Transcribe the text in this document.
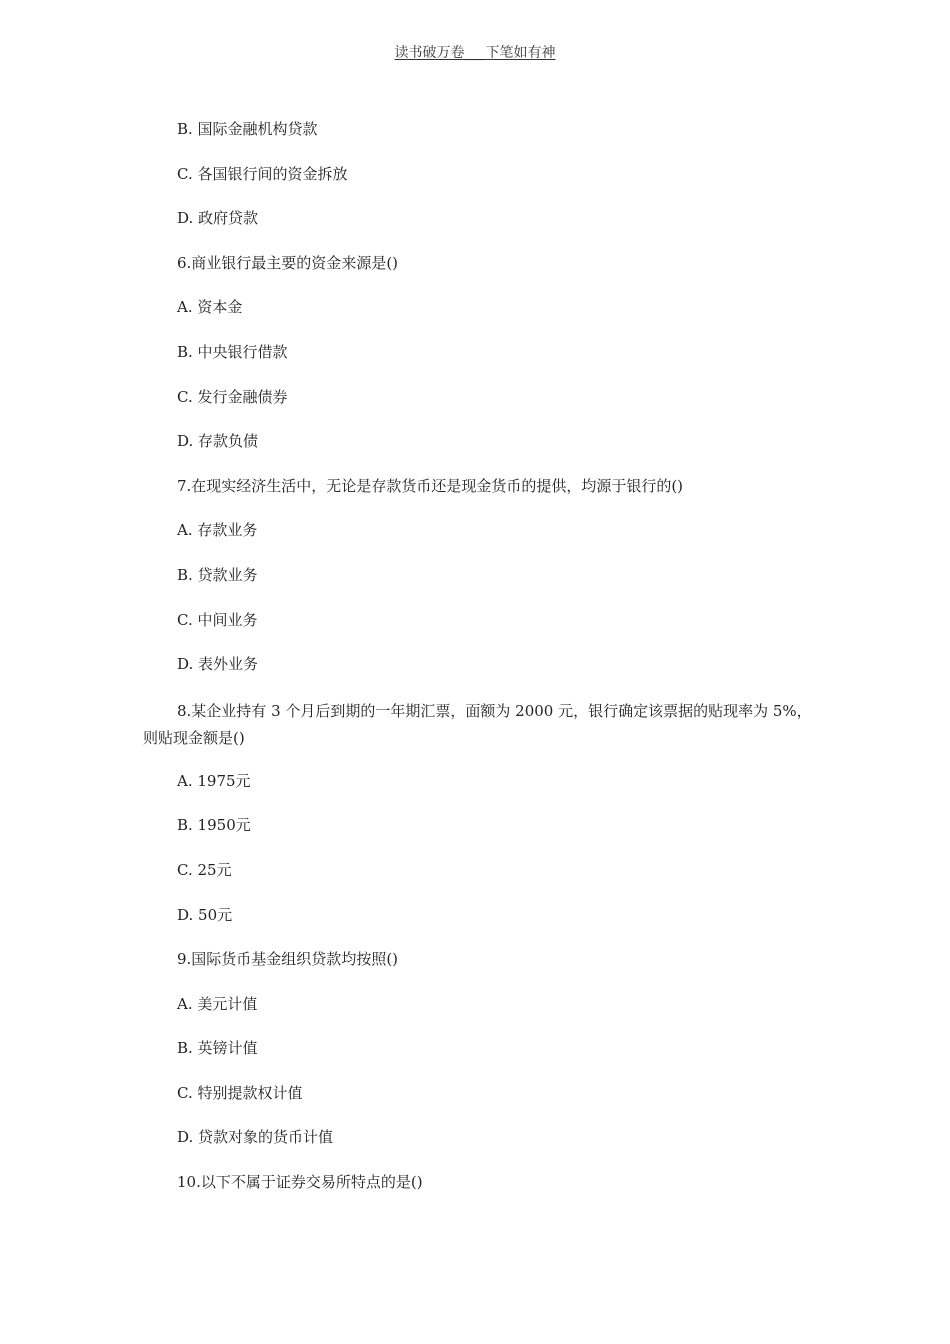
读书破万卷___下笔如有神
B. 国际金融机构贷款
C. 各国银行间的资金拆放
D. 政府贷款
6.商业银行最主要的资金来源是()
A. 资本金
B. 中央银行借款
C. 发行金融债券
D. 存款负债
7.在现实经济生活中，无论是存款货币还是现金货币的提供，均源于银行的()
A. 存款业务
B. 贷款业务
C. 中间业务
D. 表外业务
8.某企业持有 3 个月后到期的一年期汇票，面额为 2000 元，银行确定该票据的贴现率为 5%，则贴现金额是()
A. 1975元
B. 1950元
C. 25元
D. 50元
9.国际货币基金组织贷款均按照()
A. 美元计值
B. 英镑计值
C. 特别提款权计值
D. 贷款对象的货币计值
10.以下不属于证券交易所特点的是()
